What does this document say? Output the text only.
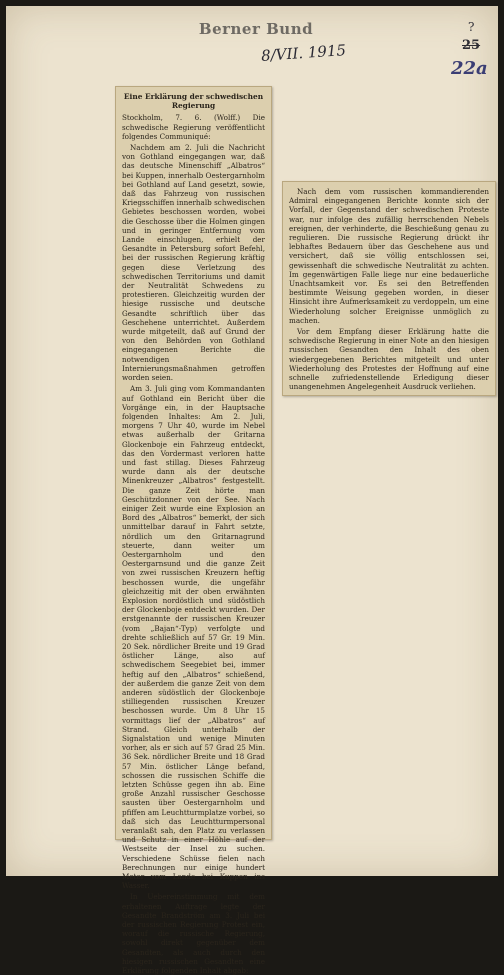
Berner Bund
8/VII. 1915
?
25
22a
Eine Erklärung der schwedischen Regierung

Stockholm, 7. 6. (Wolff.) Die schwedische Regierung veröffentlicht folgendes Communiqué:

Nachdem am 2. Juli die Nachricht von Gothland eingegangen war, daß das deutsche Minenschiff „Albatros“ bei Kuppen, innerhalb Oestergarnholm bei Gothland auf Land gesetzt, sowie, daß das Fahrzeug von russischen Kriegsschiffen innerhalb schwedischen Gebietes beschossen worden, wobei die Geschosse über die Holmen gingen und in geringer Entfernung vom Lande einschlugen, erhielt der Gesandte in Petersburg sofort Befehl, bei der russischen Regierung kräftig gegen diese Verletzung des schwedischen Territoriums und damit der Neutralität Schwedens zu protestieren. Gleichzeitig wurden der hiesige russische und deutsche Gesandte schriftlich über das Geschehene unterrichtet. Außerdem wurde mitgeteilt, daß auf Grund der von den Behörden von Gothland eingegangenen Berichte die notwendigen Internierungsmaßnahmen getroffen worden seien.

Am 3. Juli ging vom Kommandanten auf Gothland ein Bericht über die Vorgänge ein, in der Hauptsache folgenden Inhaltes: Am 2. Juli, morgens 7 Uhr 40, wurde im Nebel etwas außerhalb der Gritarna Glockenboje ein Fahrzeug entdeckt, das den Vordermast verloren hatte und fast stillag. Dieses Fahrzeug wurde dann als der deutsche Minenkreuzer „Albatros“ festgestellt. Die ganze Zeit hörte man Geschützdonner von der See. Nach einiger Zeit wurde eine Explosion an Bord des „Albatros“ bemerkt, der sich unmittelbar darauf in Fahrt setzte, nördlich um den Gritarnagrund steuerte, dann weiter um Oestergarnholm und den Oestergarnsund und die ganze Zeit von zwei russischen Kreuzern heftig beschossen wurde, die ungefähr gleichzeitig mit der oben erwähnten Explosion nordöstlich und südöstlich der Glockenboje entdeckt wurden. Der erstgenannte der russischen Kreuzer (vom „Bajan“-Typ) verfolgte und drehte schließlich auf 57 Gr. 19 Min. 20 Sek. nördlicher Breite und 19 Grad östlicher Länge, also auf schwedischem Seegebiet bei, immer heftig auf den „Albatros“ schießend, der außerdem die ganze Zeit von dem anderen südöstlich der Glockenboje stilliegenden russischen Kreuzer beschossen wurde. Um 8 Uhr 15 vormittags lief der „Albatros“ auf Strand. Gleich unterhalb der Signalstation und wenige Minuten vorher, als er sich auf 57 Grad 25 Min. 36 Sek. nördlicher Breite und 18 Grad 57 Min. östlicher Länge befand, schossen die russischen Schiffe die letzten Schüsse gegen ihn ab. Eine große Anzahl russischer Geschosse sausten über Oestergarnholm und pfiffen am Leuchtturmplatze vorbei, so daß sich das Leuchtturmpersonal veranlaßt sah, den Platz zu verlassen und Schutz in einer Höhle auf der Westseite der Insel zu suchen. Verschiedene Schüsse fielen nach Berechnungen nur einige hundert Meter vom Lande bei Kuppen ins Wasser.

In Uebereinstimmung mit dem erhaltenen Auftrage legte der Gesandte Brandström am 3. Juli bei der russischen Regierung Protest ein, worauf die russische Regierung, sowohl direkt gegenüber dem Gesandten, als auch durch den hiesigen russischen Gesandten eine Erklärung folgenden Inhalt abgab:

Nach dem vom russischen kommandierenden Admiral eingegangenen Berichte konnte sich der Vorfall, der Gegenstand der schwedischen Proteste war, nur infolge des zufällig herrschenden Nebels ereignen, der verhinderte, die Beschießung genau zu regulieren. Die russische Regierung drückt ihr lebhaftes Bedauern über das Geschehene aus und versichert, daß sie völlig entschlossen sei, gewissenhaft die schwedische Neutralität zu achten. Im gegenwärtigen Falle liege nur eine bedauerliche Unachtsamkeit vor. Es sei den Betreffenden bestimmte Weisung gegeben worden, in dieser Hinsicht ihre Aufmerksamkeit zu verdoppeln, um eine Wiederholung solcher Ereignisse unmöglich zu machen.

Vor dem Empfang dieser Erklärung hatte die schwedische Regierung in einer Note an den hiesigen russischen Gesandten den Inhalt des oben wiedergegebenen Berichtes mitgeteilt und unter Wiederholung des Protestes der Hoffnung auf eine schnelle zufriedenstellende Erledigung dieser unangenehmen Angelegenheit Ausdruck verliehen.
